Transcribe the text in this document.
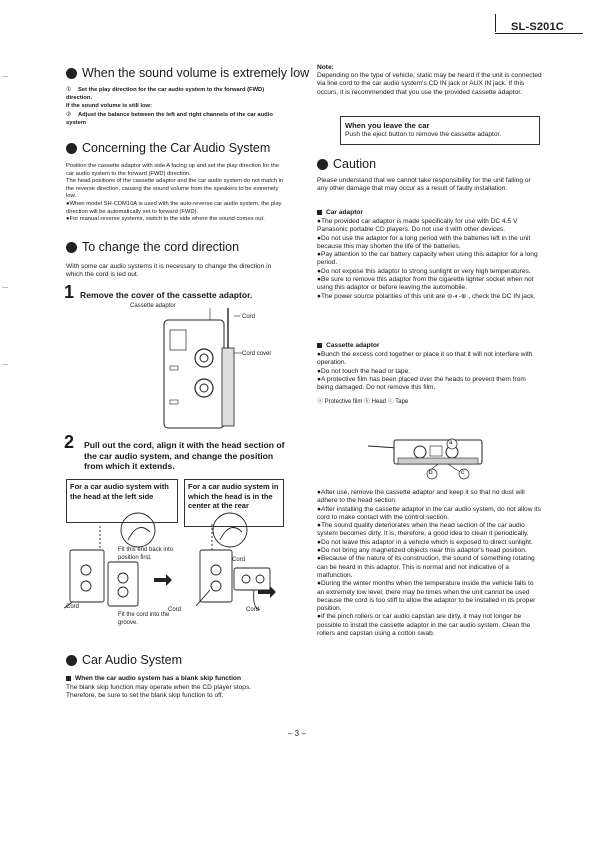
SL-S201C
When the sound volume is extremely low
① Set the play direction for the car audio system to the forward (FWD) direction.
If the sound volume is still low:
② Adjust the balance between the left and right channels of the car audio system
Concerning the Car Audio System
Position the cassette adaptor with side A facing up and set the play direction for the car audio system to the forward (FWD) direction.
The head positions of the cassette adaptor and the car audio system do not match in the reverse direction, causing the sound volume from the speakers to be extremely low.
●When model SH-CDM10A is used with the auto-reverse car audio system, the play direction will be automatically set to forward (FWD).
●For manual reverse systems, switch to the side where the sound comes out.
To change the cord direction
With some car audio systems it is necessary to change the direction in which the cord is led out.
1 Remove the cover of the cassette adaptor.
Cassette adaptor
Cord
Cord cover
2 Pull out the cord, align it with the head section of the car audio system, and change the position from which it extends.
For a car audio system with the head at the left side
For a car audio system in which the head is in the center at the rear
Fit this end back into position first.
Cord	Cord
Cord
Cord
Fit the cord into the groove.
Car Audio System
When the car audio system has a blank skip function
The blank skip function may operate when the CD player stops.
Therefore, be sure to set the blank skip function to off.
Note:
Depending on the type of vehicle, static may be heard if the unit is connected via line cord to the car audio system's CD IN jack or AUX IN jack. If this occurs, it is recommended that you use the provided cassette adaptor.
When you leave the car
Push the eject button to remove the cassette adaptor.
Caution
Please understand that we cannot take responsibility for the unit falling or any other damage that may occur as a result of faulty installation.
Car adaptor
●The provided car adaptor is made specifically for use with DC 4.5 V Panasonic portable CD players. Do not use it with other devices.
●Do not use the adaptor for a long period with the batteries left in the unit because this may shorten the life of the batteries.
●Pay attention to the car battery capacity when using this adaptor for a long period.
●Do not expose this adaptor to strong sunlight or very high temperatures.
●Be sure to remove this adaptor from the cigarette lighter socket when not using this adaptor or before leaving the automobile.
●The power source polarities of this unit are ⊖-◐-⊕ , check the DC IN jack.
Cassette adaptor
●Bunch the excess cord together or place it so that it will not interfere with operation.
●Do not touch the head or tape.
●A protective film has been placed over the heads to prevent them from being damaged. Do not remove this film.
ⓐ Protective film ⓑ Head ⓒ Tape
a
b	c
●After use, remove the cassette adaptor and keep it so that no dust will adhere to the head section.
●After installing the cassette adaptor in the car audio system, do not allow its cord to make contact with the control section.
●The sound quality deteriorates when the head section of the car audio system becomes dirty. It is, therefore, a good idea to clean it periodically.
●Do not leave this adaptor in a vehicle which is exposed to direct sunlight.
●Do not bring any magnetized objects near this adaptor's head position.
●Because of the nature of its construction, the sound of something rotating can be heard in this adaptor. This is normal and not indicative of a malfunction.
●During the winter months when the temperature inside the vehicle falls to an extremely low level, there may be times when the unit cannot be used because the cord is too stiff to allow the adaptor to be installed in its proper position.
●If the pinch rollers or car audio capstan are dirty, it may not longer be possible to install the cassette adaptor in the car audio system. Clean the rollers and capstan using a cotton swab.
– 3 –
